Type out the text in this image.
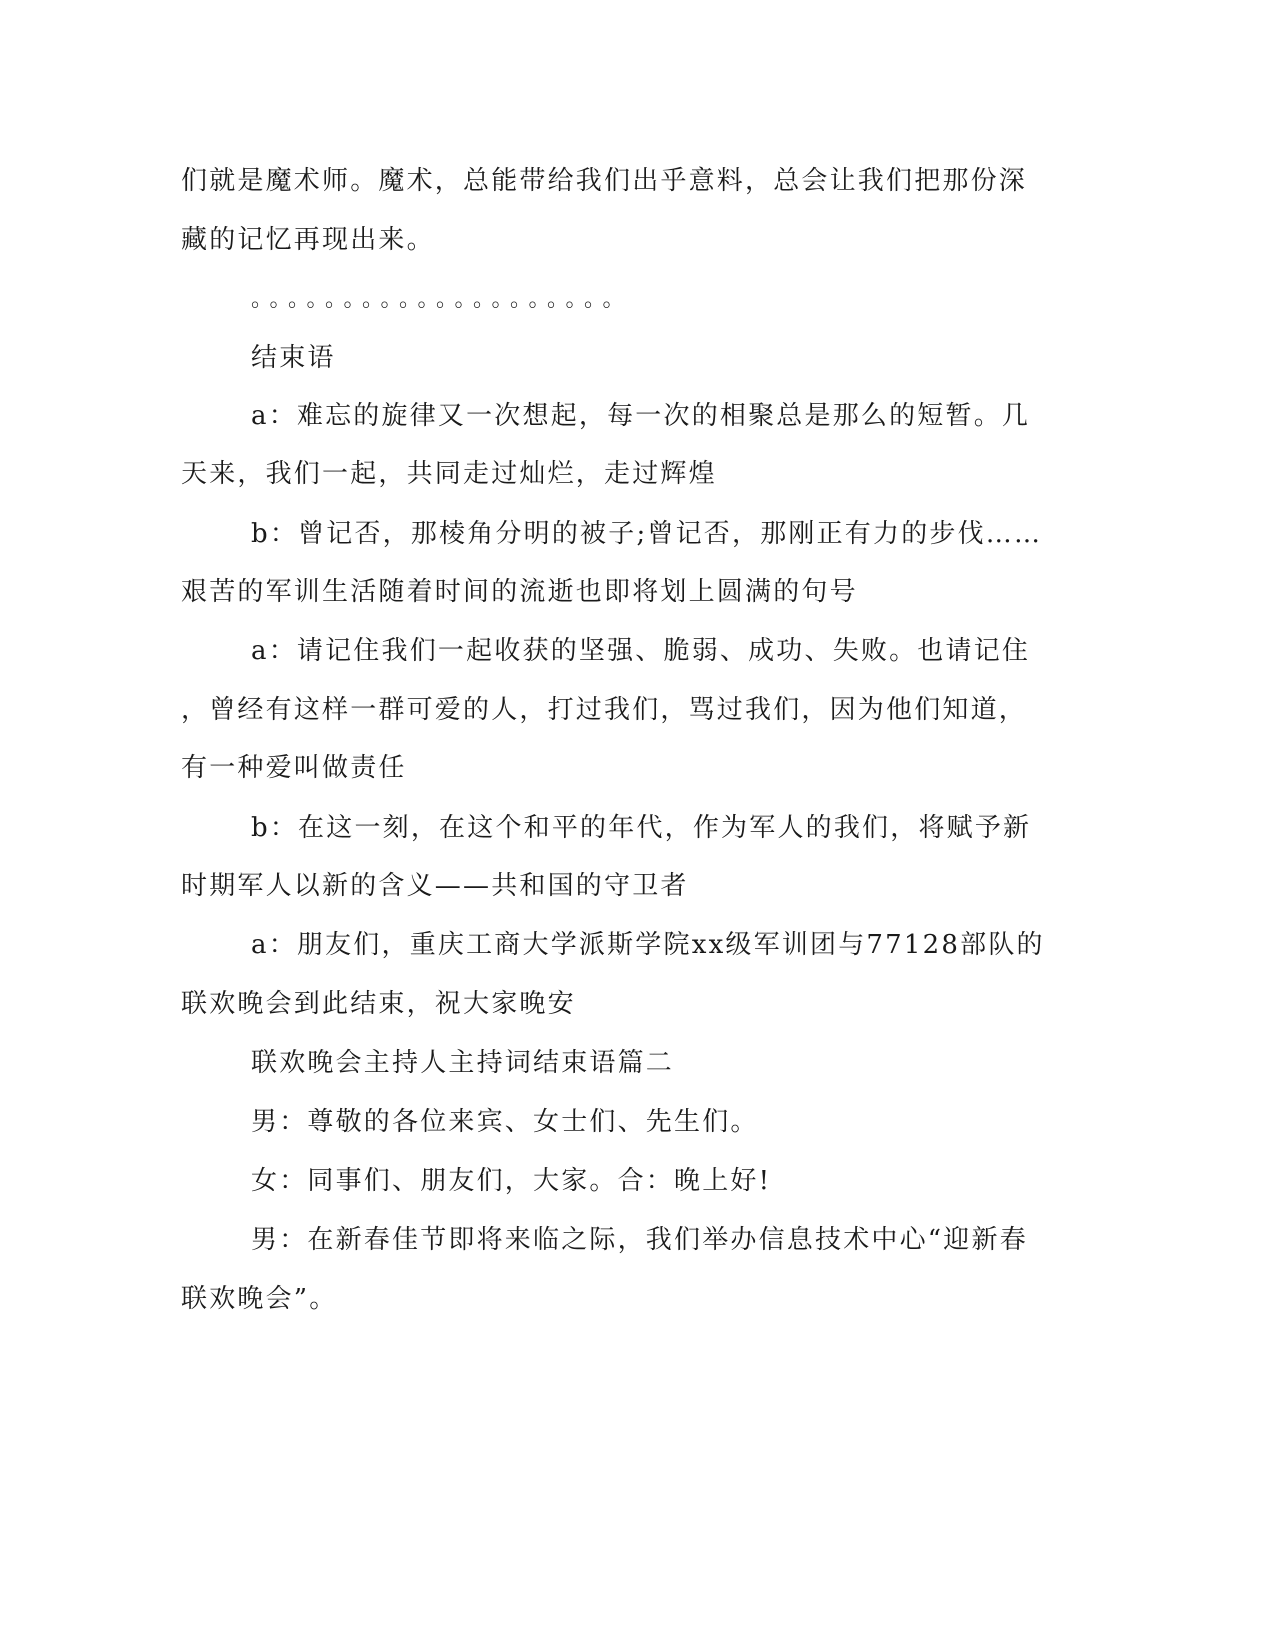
们就是魔术师。魔术，总能带给我们出乎意料，总会让我们把那份深
藏的记忆再现出来。
。。。。。。。。。。。。。。。。。。。。
结束语
a：难忘的旋律又一次想起，每一次的相聚总是那么的短暂。几
天来，我们一起，共同走过灿烂，走过辉煌
b：曾记否，那棱角分明的被子;曾记否，那刚正有力的步伐……
艰苦的军训生活随着时间的流逝也即将划上圆满的句号
a：请记住我们一起收获的坚强、脆弱、成功、失败。也请记住
，曾经有这样一群可爱的人，打过我们，骂过我们，因为他们知道，
有一种爱叫做责任
b：在这一刻，在这个和平的年代，作为军人的我们，将赋予新
时期军人以新的含义——共和国的守卫者
a：朋友们，重庆工商大学派斯学院xx级军训团与77128部队的
联欢晚会到此结束，祝大家晚安
联欢晚会主持人主持词结束语篇二
男：尊敬的各位来宾、女士们、先生们。
女：同事们、朋友们，大家。合：晚上好!
男：在新春佳节即将来临之际，我们举办信息技术中心“迎新春
联欢晚会”。
